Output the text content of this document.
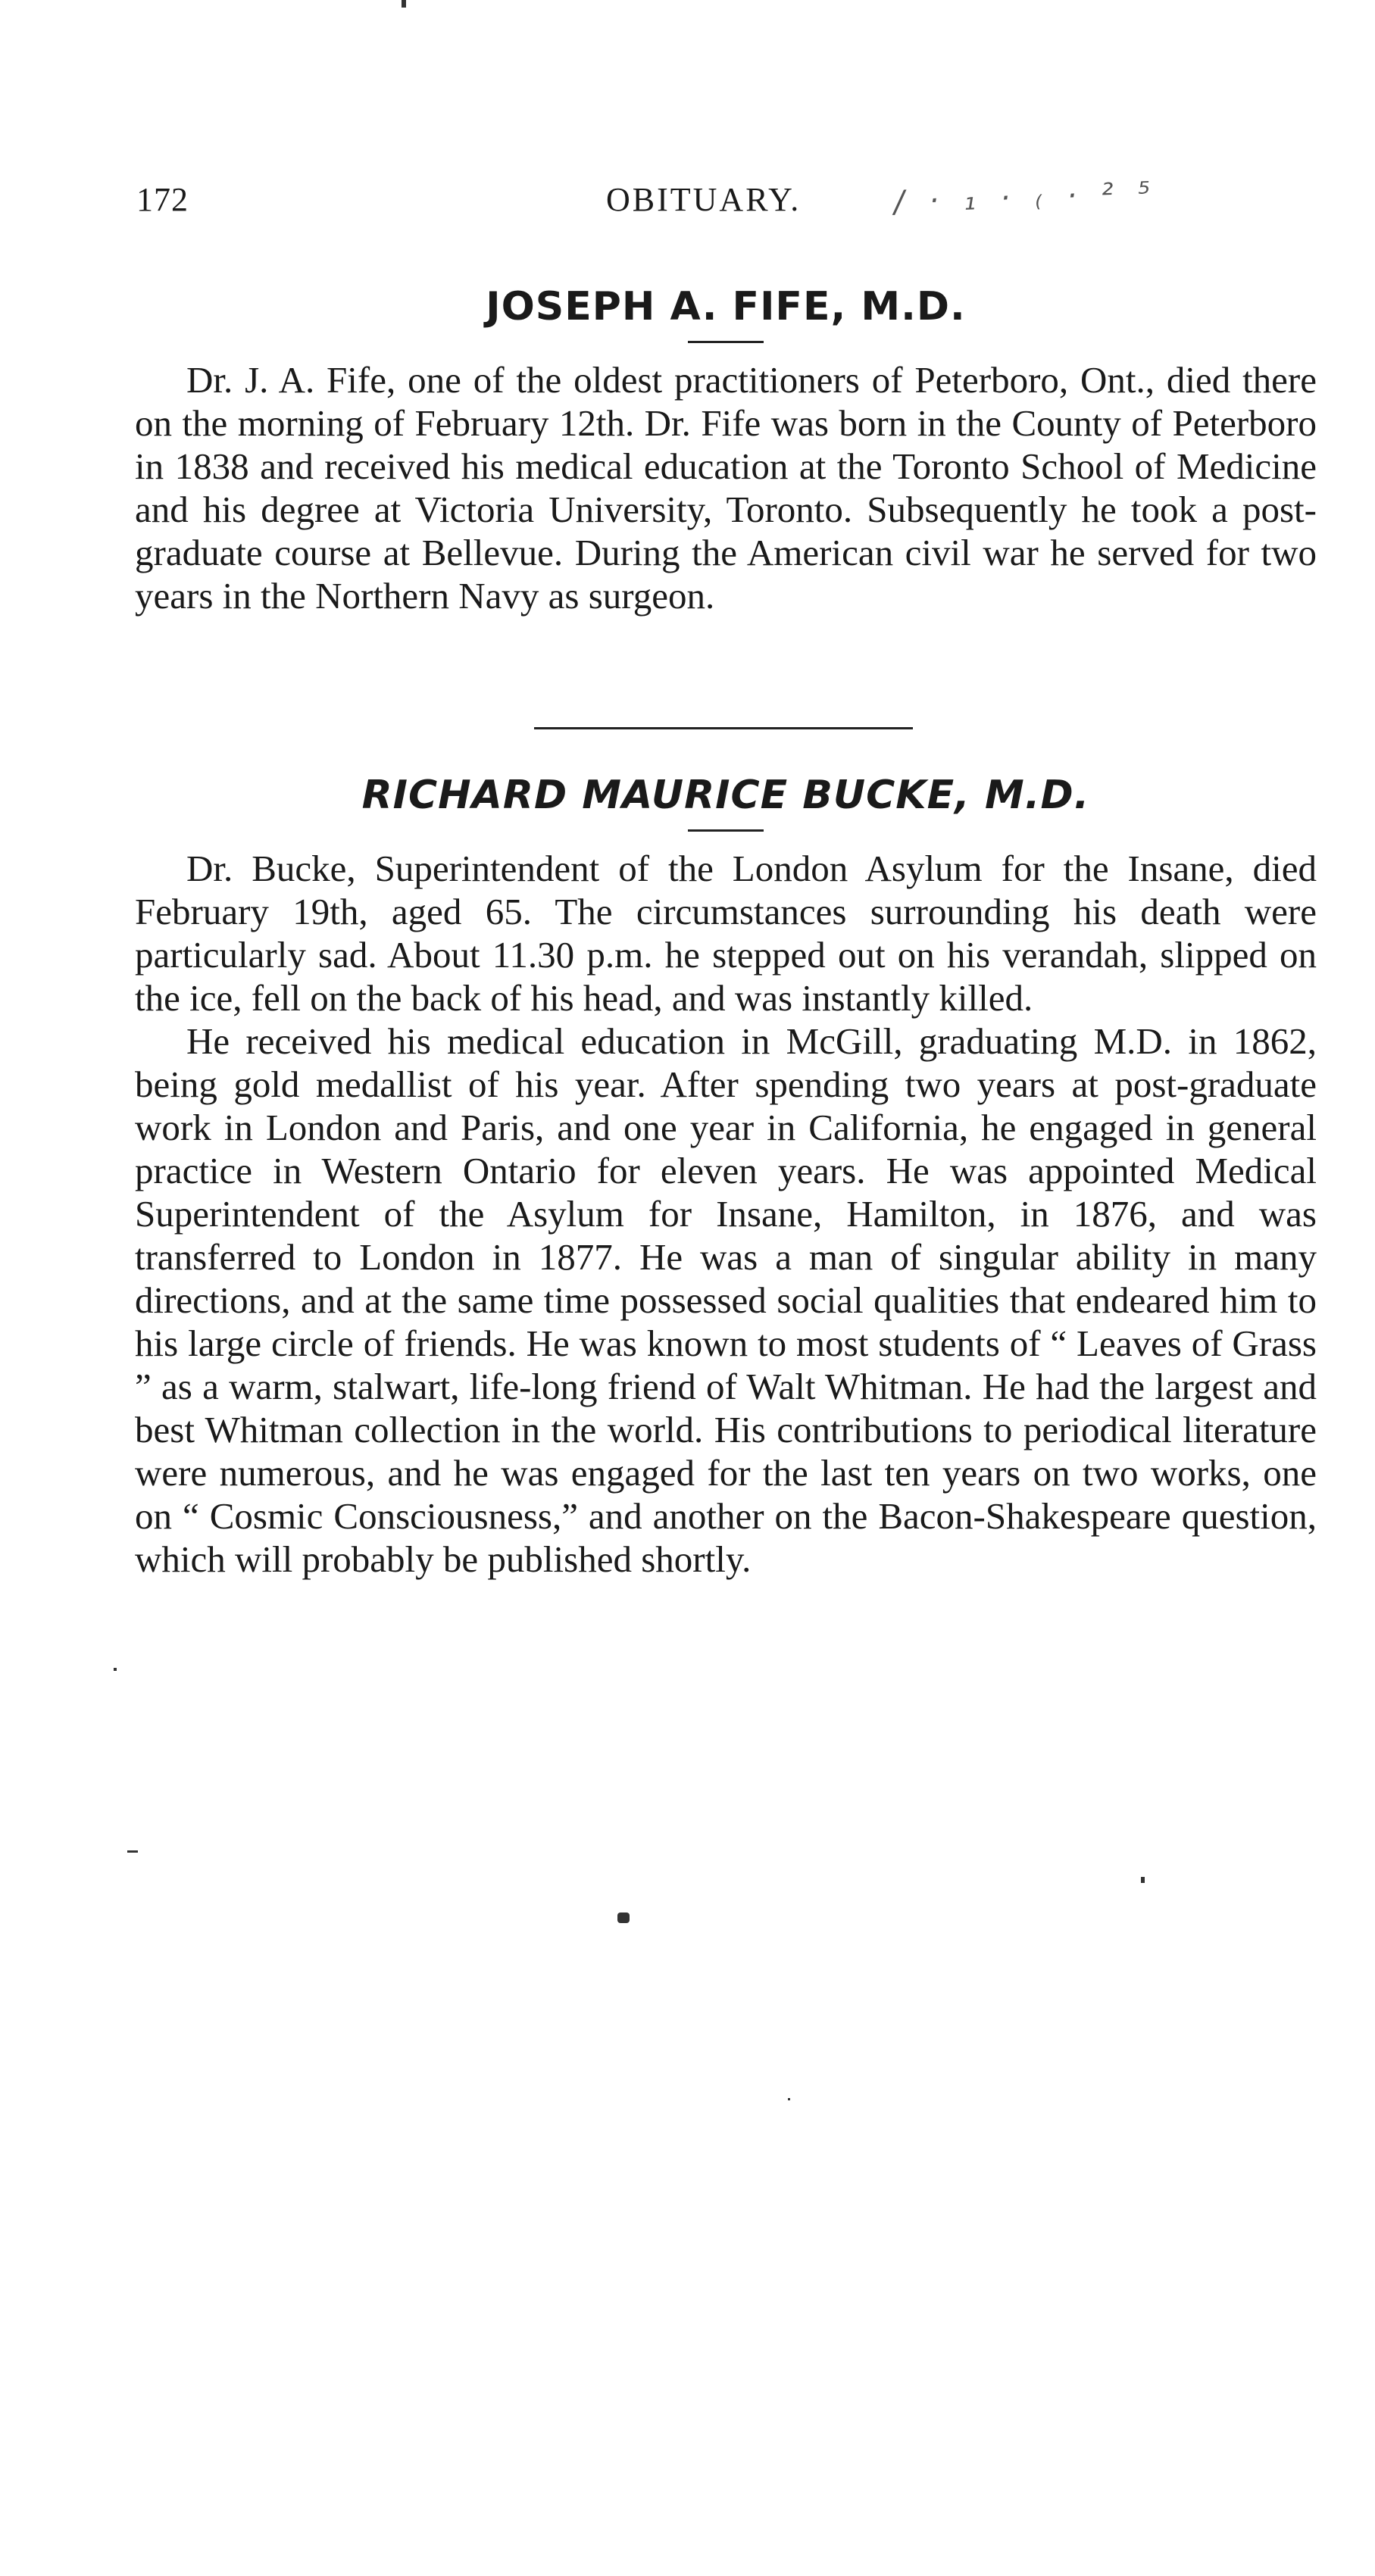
172	OBITUARY.	/ · ₁ · ₍ · ² ⁵
JOSEPH A. FIFE, M.D.

Dr. J. A. Fife, one of the oldest practitioners of Peterboro, Ont., died there on the morning of February 12th. Dr. Fife was born in the County of Peterboro in 1838 and received his medical education at the Toronto School of Medicine and his degree at Victoria University, Toronto. Subsequently he took a post-graduate course at Bellevue. During the American civil war he served for two years in the Northern Navy as surgeon.

RICHARD MAURICE BUCKE, M.D.

Dr. Bucke, Superintendent of the London Asylum for the Insane, died February 19th, aged 65. The circumstances surrounding his death were particularly sad. About 11.30 p.m. he stepped out on his verandah, slipped on the ice, fell on the back of his head, and was instantly killed.

He received his medical education in McGill, graduating M.D. in 1862, being gold medallist of his year. After spending two years at post-graduate work in London and Paris, and one year in California, he engaged in general practice in Western Ontario for eleven years. He was appointed Medical Superintendent of the Asylum for Insane, Hamilton, in 1876, and was transferred to London in 1877. He was a man of singular ability in many directions, and at the same time possessed social qualities that endeared him to his large circle of friends. He was known to most students of “ Leaves of Grass ” as a warm, stalwart, life-long friend of Walt Whitman. He had the largest and best Whitman collection in the world. His contributions to periodical literature were numerous, and he was engaged for the last ten years on two works, one on “ Cosmic Consciousness,” and another on the Bacon-Shakespeare question, which will probably be published shortly.
